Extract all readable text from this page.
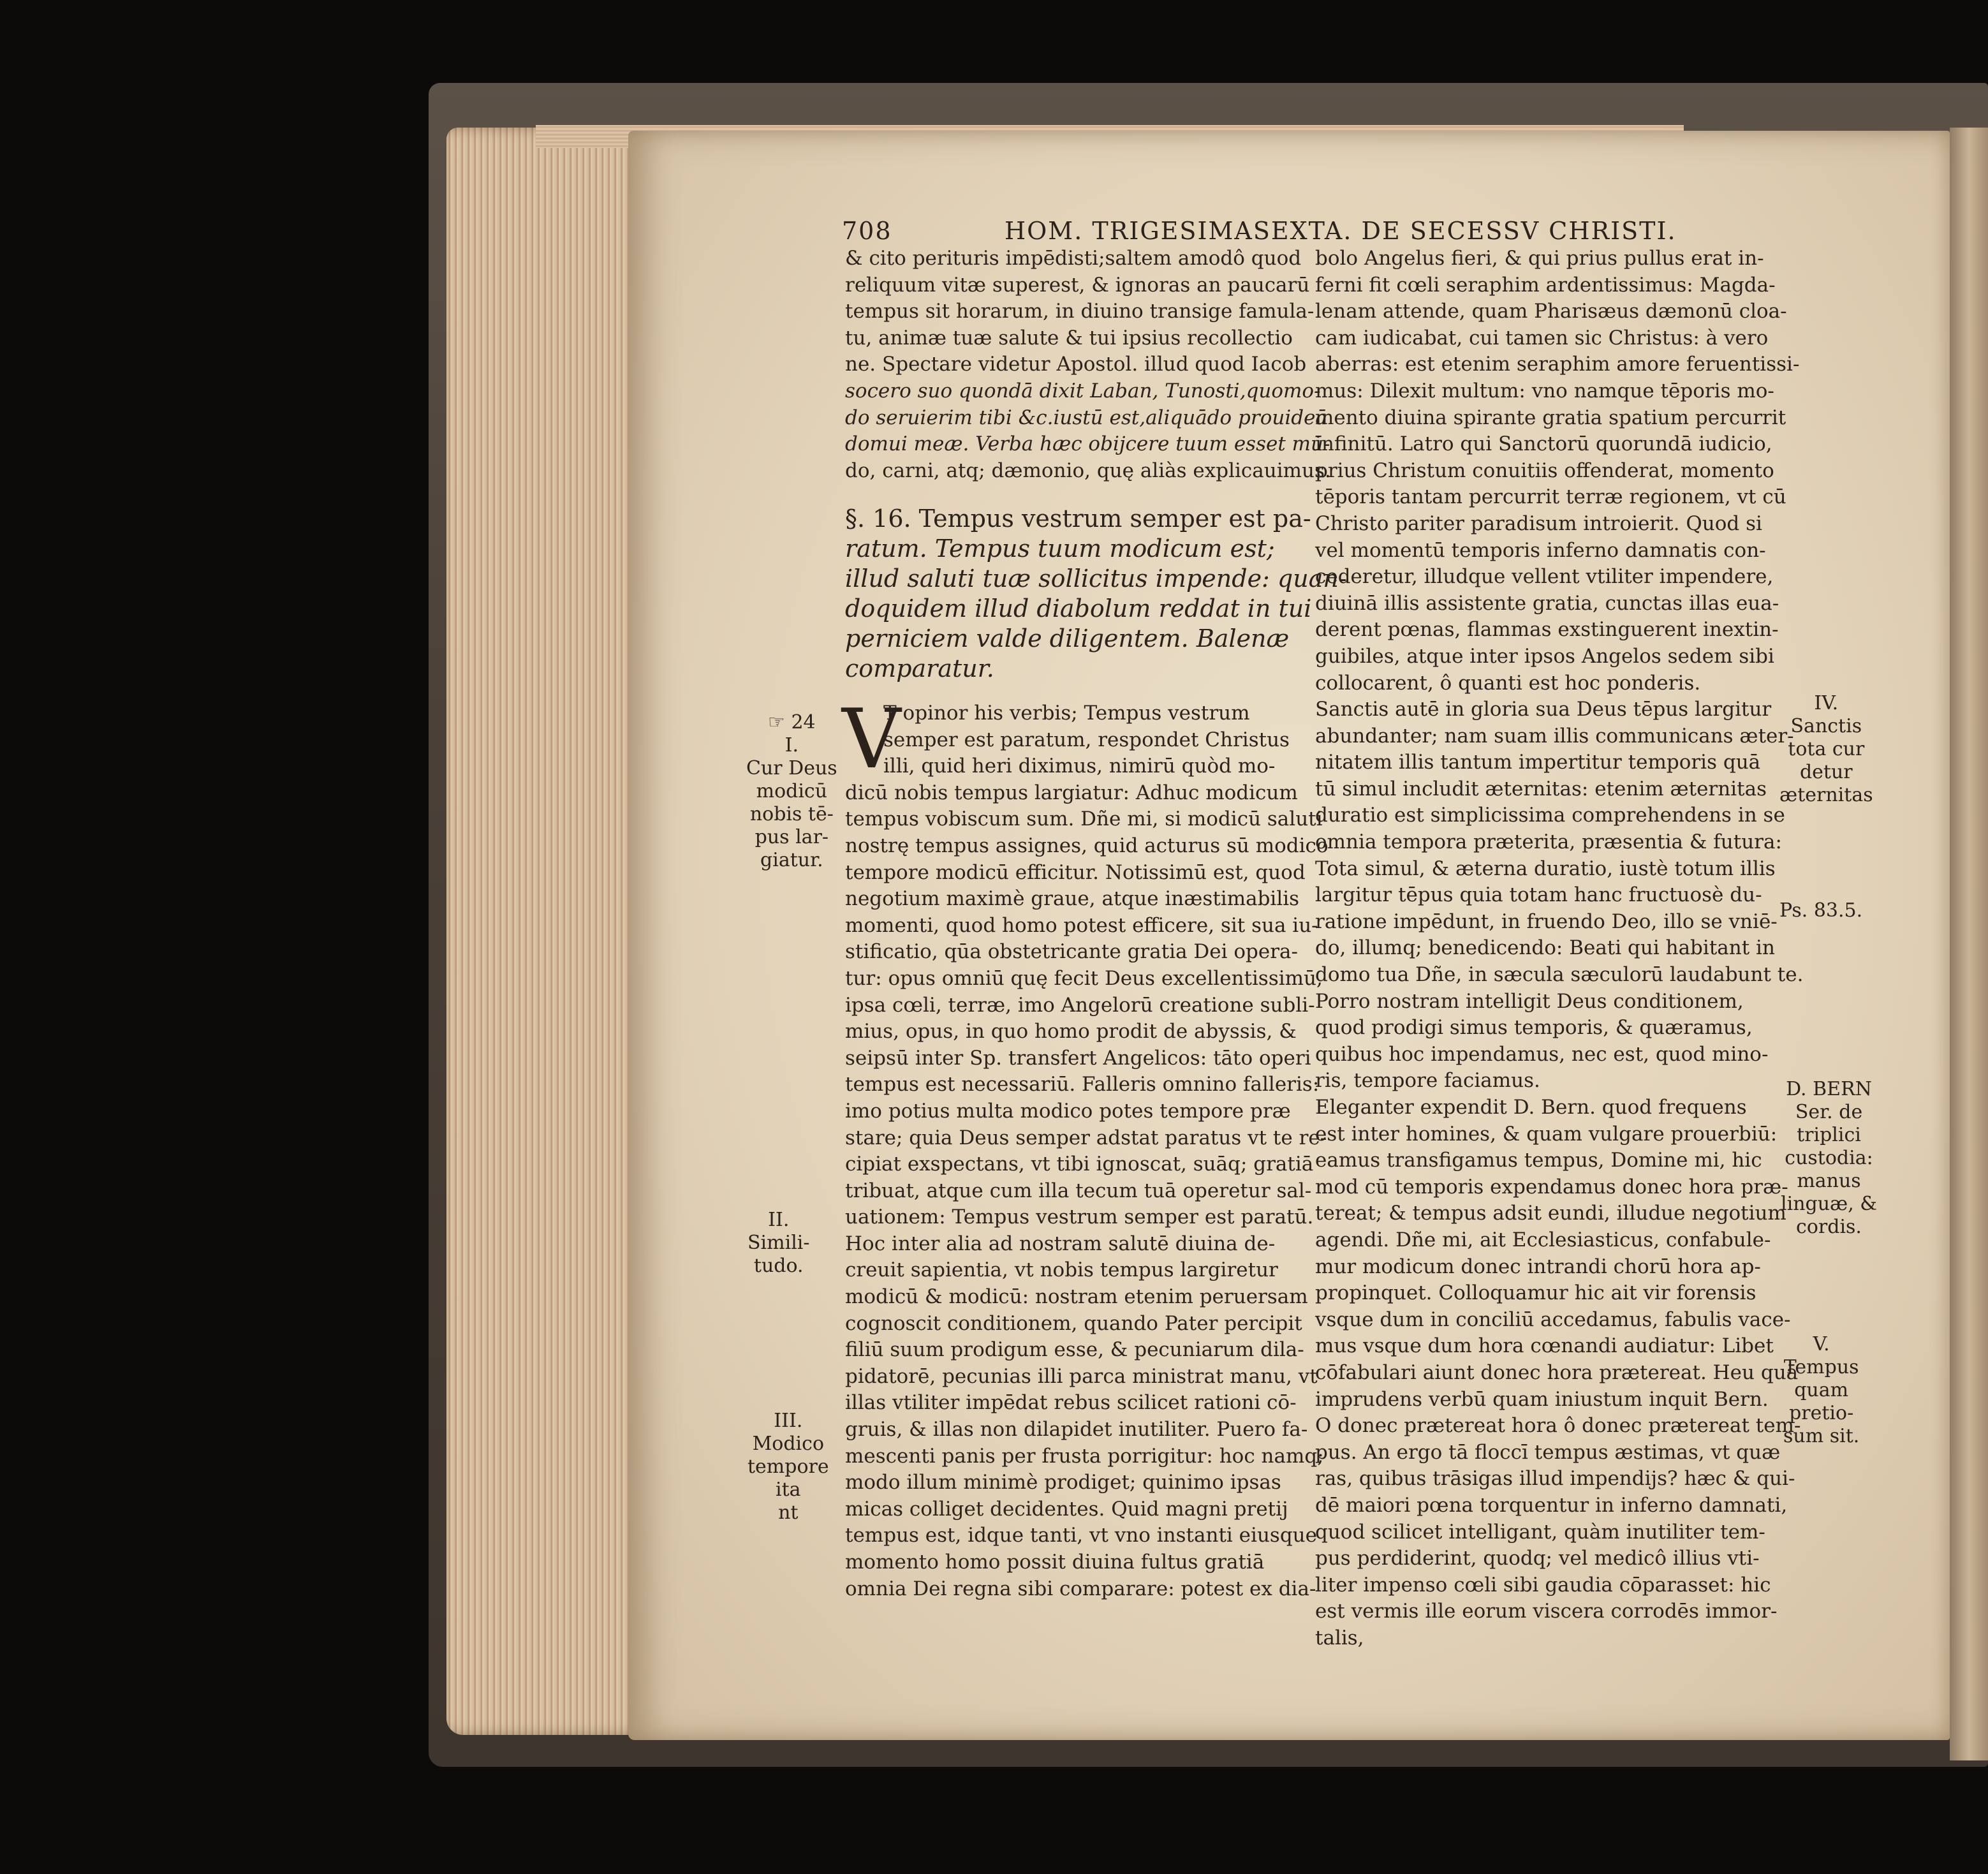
708	HOM. TRIGESIMASEXTA. DE SECESSV CHRISTI.
& cito perituris impēdisti;saltem amodô quod
reliquum vitæ superest, & ignoras an paucarū
tempus sit horarum, in diuino transige famula-
tu, animæ tuæ salute & tui ipsius recollectio
ne. Spectare videtur Apostol. illud quod Iacob
socero suo quondā dixit Laban, Tunosti,quomo-
do seruierim tibi &c.iustū est,aliquādo prouideā
domui meæ. Verba hæc obijcere tuum esset mū-
do, carni, atq; dæmonio, quę aliàs explicauimus.
§. 16. Tempus vestrum semper est pa-
ratum. Tempus tuum modicum est;
illud saluti tuæ sollicitus impende: quan-
doquidem illud diabolum reddat in tui
perniciem valde diligentem. Balenæ
comparatur.
V
T opinor his verbis; Tempus vestrum
semper est paratum, respondet Christus
illi, quid heri diximus, nimirū quòd mo-
dicū nobis tempus largiatur: Adhuc modicum
tempus vobiscum sum. Dñe mi, si modicū saluti
nostrę tempus assignes, quid acturus sū modico
tempore modicū efficitur. Notissimū est, quod
negotium maximè graue, atque inæstimabilis
momenti, quod homo potest efficere, sit sua iu-
stificatio, qūa obstetricante gratia Dei opera-
tur: opus omniū quę fecit Deus excellentissimū,
ipsa cœli, terræ, imo Angelorū creatione subli-
mius, opus, in quo homo prodit de abyssis, &
seipsū inter Sp. transfert Angelicos: tāto operi
tempus est necessariū. Falleris omnino falleris:
imo potius multa modico potes tempore præ
stare; quia Deus semper adstat paratus vt te re-
cipiat exspectans, vt tibi ignoscat, suāq; gratiā
tribuat, atque cum illa tecum tuā operetur sal-
uationem: Tempus vestrum semper est paratū.
Hoc inter alia ad nostram salutē diuina de-
creuit sapientia, vt nobis tempus largiretur
modicū & modicū: nostram etenim peruersam
cognoscit conditionem, quando Pater percipit
filiū suum prodigum esse, & pecuniarum dila-
pidatorē, pecunias illi parca ministrat manu, vt
illas vtiliter impēdat rebus scilicet rationi cō-
gruis, & illas non dilapidet inutiliter. Puero fa-
mescenti panis per frusta porrigitur: hoc namq;
modo illum minimè prodiget; quinimo ipsas
micas colliget decidentes. Quid magni pretij
tempus est, idque tanti, vt vno instanti eiusque
momento homo possit diuina fultus gratiā
omnia Dei regna sibi comparare: potest ex dia-
bolo Angelus fieri, & qui prius pullus erat in-
ferni fit cœli seraphim ardentissimus: Magda-
lenam attende, quam Pharisæus dæmonū cloa-
cam iudicabat, cui tamen sic Christus: à vero
aberras: est etenim seraphim amore feruentissi-
mus: Dilexit multum: vno namque tēporis mo-
mento diuina spirante gratia spatium percurrit
infinitū. Latro qui Sanctorū quorundā iudicio,
prius Christum conuitiis offenderat, momento
tēporis tantam percurrit terræ regionem, vt cū
Christo pariter paradisum introierit. Quod si
vel momentū temporis inferno damnatis con-
cederetur, illudque vellent vtiliter impendere,
diuinā illis assistente gratia, cunctas illas eua-
derent pœnas, flammas exstinguerent inextin-
guibiles, atque inter ipsos Angelos sedem sibi
collocarent, ô quanti est hoc ponderis.
Sanctis autē in gloria sua Deus tēpus largitur
abundanter; nam suam illis communicans æter-
nitatem illis tantum impertitur temporis quā
tū simul includit æternitas: etenim æternitas
duratio est simplicissima comprehendens in se
omnia tempora præterita, præsentia & futura:
Tota simul, & æterna duratio, iustè totum illis
largitur tēpus quia totam hanc fructuosè du-
ratione impēdunt, in fruendo Deo, illo se vniē-
do, illumq; benedicendo: Beati qui habitant in
domo tua Dñe, in sæcula sæculorū laudabunt te.
Porro nostram intelligit Deus conditionem,
quod prodigi simus temporis, & quæramus,
quibus hoc impendamus, nec est, quod mino-
ris, tempore faciamus.
Eleganter expendit D. Bern. quod frequens
est inter homines, & quam vulgare prouerbiū:
eamus transfigamus tempus, Domine mi, hic
mod cū temporis expendamus donec hora præ-
tereat; & tempus adsit eundi, illudue negotium
agendi. Dñe mi, ait Ecclesiasticus, confabule-
mur modicum donec intrandi chorū hora ap-
propinquet. Colloquamur hic ait vir forensis
vsque dum in conciliū accedamus, fabulis vace-
mus vsque dum hora cœnandi audiatur: Libet
cōfabulari aiunt donec hora prætereat. Heu quā
imprudens verbū quam iniustum inquit Bern.
O donec prætereat hora ô donec prætereat tem-
pus. An ergo tā floccī tempus æstimas, vt quæ
ras, quibus trāsigas illud impendijs? hæc & qui-
dē maiori pœna torquentur in inferno damnati,
quod scilicet intelligant, quàm inutiliter tem-
pus perdiderint, quodq; vel medicô illius vti-
liter impenso cœli sibi gaudia cōparasset: hic
est vermis ille eorum viscera corrodēs immor-
talis,
☞ 24
I.
Cur Deus
modicū
nobis tē-
pus lar-
giatur.
II.
Simili-
tudo.
III.
Modico
tempore
ita
nt
IV.
Sanctis
tota cur
detur
æternitas
Ps. 83.5.
D. BERN
Ser. de
triplici
custodia:
manus
linguæ, &
cordis.
V.
Tempus
quam
pretio-
sum sit.
